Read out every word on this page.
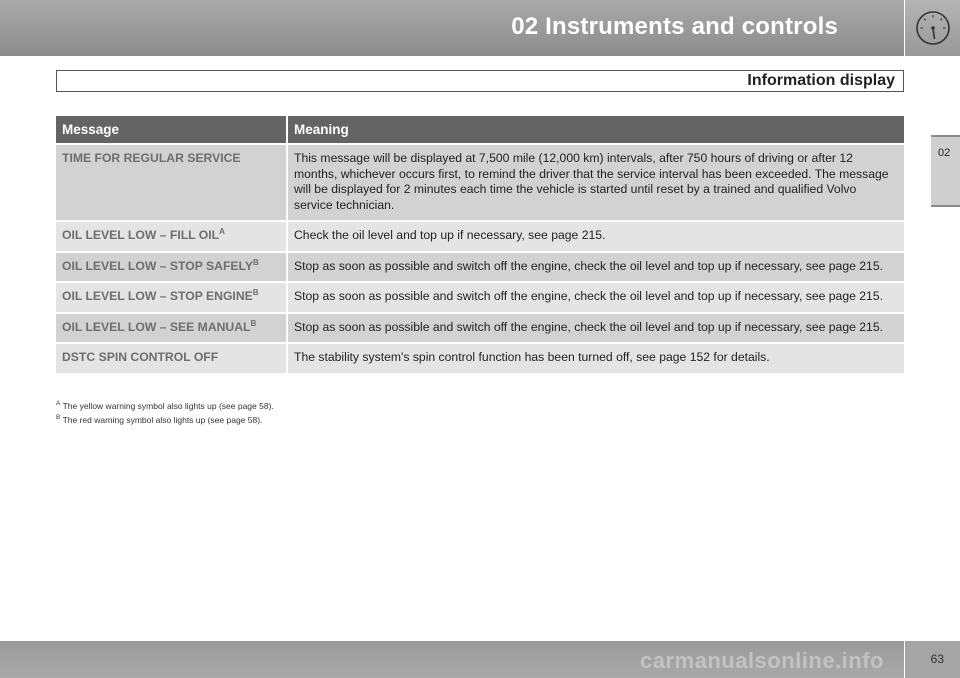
02 Instruments and controls
Information display
02
Message	Meaning
TIME FOR REGULAR SERVICE	This message will be displayed at 7,500 mile (12,000 km) intervals, after 750 hours of driving or after 12 months, whichever occurs first, to remind the driver that the service interval has been exceeded. The message will be displayed for 2 minutes each time the vehicle is started until reset by a trained and qualified Volvo service technician.
OIL LEVEL LOW – FILL $OIL^A$	Check the oil level and top up if necessary, see page 215.
OIL LEVEL LOW – STOP $SAFELY^B$	Stop as soon as possible and switch off the engine, check the oil level and top up if necessary, see page 215.
OIL LEVEL LOW – STOP $ENGINE^B$	Stop as soon as possible and switch off the engine, check the oil level and top up if necessary, see page 215.
OIL LEVEL LOW – SEE $MANUAL^B$	Stop as soon as possible and switch off the engine, check the oil level and top up if necessary, see page 215.
DSTC SPIN CONTROL OFF	The stability system's spin control function has been turned off, see page 152 for details.
$^A$ The yellow warning symbol also lights up (see page 58).
$^B$ The red warning symbol also lights up (see page 58).
63
carmanualsonline.info
